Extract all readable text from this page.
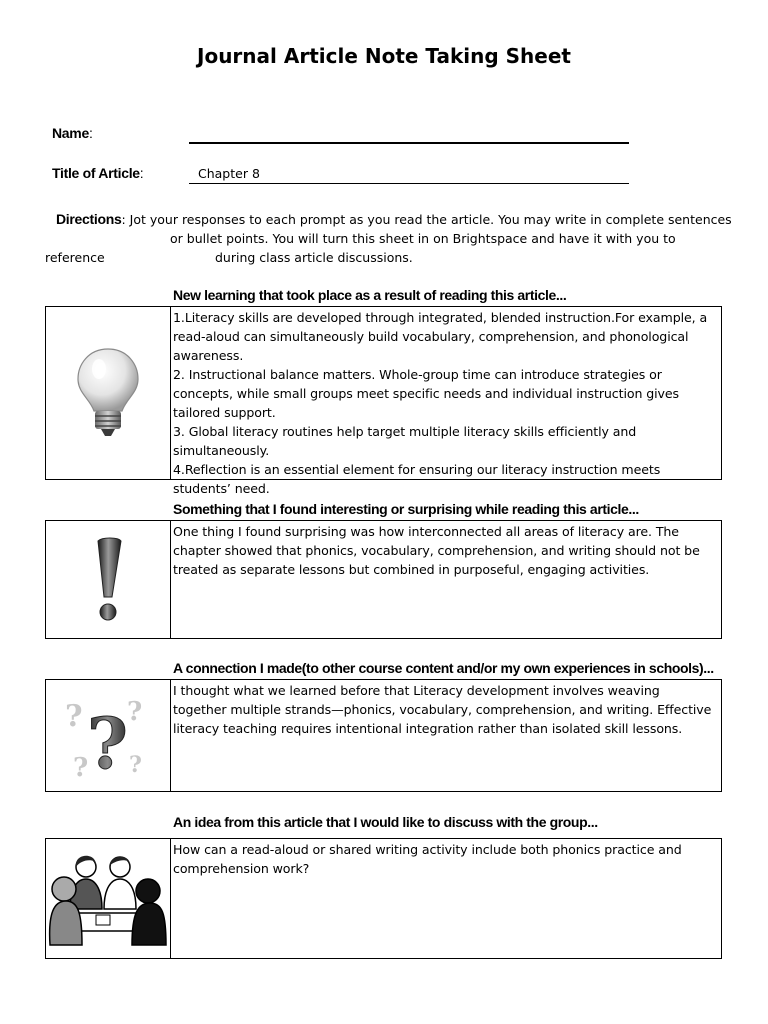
Journal Article Note Taking Sheet
Name:
Title of Article:	Chapter 8
Directions: Jot your responses to each prompt as you read the article. You may write in complete sentences
or bullet points. You will turn this sheet in on Brightspace and have it with you to
reference	during class article discussions.
New learning that took place as a result of reading this article...

1.Literacy skills are developed through integrated, blended instruction.For example, a read-aloud can simultaneously build vocabulary, comprehension, and phonological awareness.

2. Instructional balance matters. Whole-group time can introduce strategies or concepts, while small groups meet specific needs and individual instruction gives tailored support.

3. Global literacy routines help target multiple literacy skills efficiently and simultaneously.

4.Reflection is an essential element for ensuring our literacy instruction meets students’ need.

Something that I found interesting or surprising while reading this article...

One thing I found surprising was how interconnected all areas of literacy are. The chapter showed that phonics, vocabulary, comprehension, and writing should not be treated as separate lessons but combined in purposeful, engaging activities.

A connection I made(to other course content and/or my own experiences in schools)...
? ?
? ?
?

I thought what we learned before that Literacy development involves weaving together multiple strands—phonics, vocabulary, comprehension, and writing. Effective literacy teaching requires intentional integration rather than isolated skill lessons.

An idea from this article that I would like to discuss with the group...

How can a read-aloud or shared writing activity include both phonics practice and comprehension work?
